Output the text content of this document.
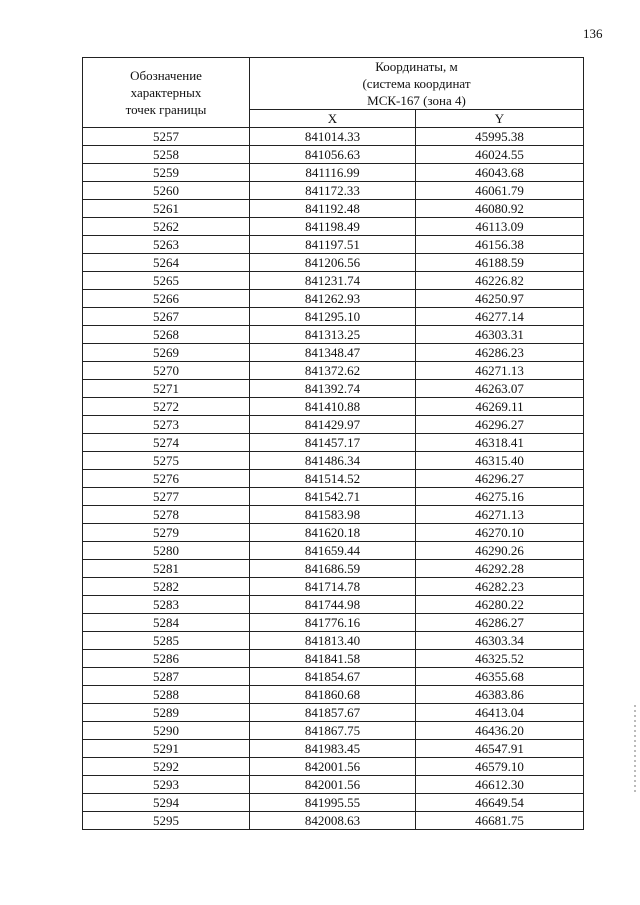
136
Обозначение
характерных
точек границы	Координаты, м
(система координат
МСК-167 (зона 4)	

	X	Y
5257	841014.33	45995.38
5258	841056.63	46024.55
5259	841116.99	46043.68
5260	841172.33	46061.79
5261	841192.48	46080.92
5262	841198.49	46113.09
5263	841197.51	46156.38
5264	841206.56	46188.59
5265	841231.74	46226.82
5266	841262.93	46250.97
5267	841295.10	46277.14
5268	841313.25	46303.31
5269	841348.47	46286.23
5270	841372.62	46271.13
5271	841392.74	46263.07
5272	841410.88	46269.11
5273	841429.97	46296.27
5274	841457.17	46318.41
5275	841486.34	46315.40
5276	841514.52	46296.27
5277	841542.71	46275.16
5278	841583.98	46271.13
5279	841620.18	46270.10
5280	841659.44	46290.26
5281	841686.59	46292.28
5282	841714.78	46282.23
5283	841744.98	46280.22
5284	841776.16	46286.27
5285	841813.40	46303.34
5286	841841.58	46325.52
5287	841854.67	46355.68
5288	841860.68	46383.86
5289	841857.67	46413.04
5290	841867.75	46436.20
5291	841983.45	46547.91
5292	842001.56	46579.10
5293	842001.56	46612.30
5294	841995.55	46649.54
5295	842008.63	46681.75
